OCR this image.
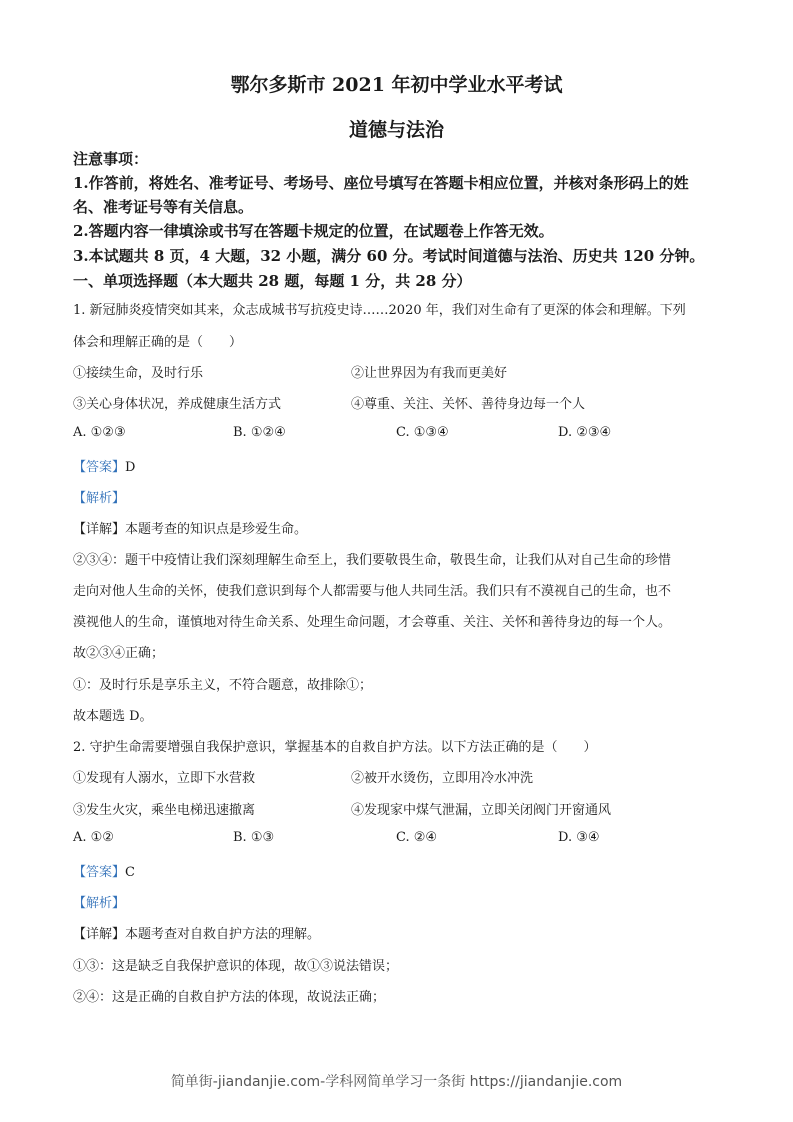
鄂尔多斯市 2021 年初中学业水平考试
道德与法治
注意事项：
1.作答前，将姓名、准考证号、考场号、座位号填写在答题卡相应位置，并核对条形码上的姓
名、准考证号等有关信息。
2.答题内容一律填涂或书写在答题卡规定的位置，在试题卷上作答无效。
3.本试题共 8 页，4 大题，32 小题，满分 60 分。考试时间道德与法治、历史共 120 分钟。
一、单项选择题（本大题共 28 题，每题 1 分，共 28 分）
1. 新冠肺炎疫情突如其来，众志成城书写抗疫史诗……2020 年，我们对生命有了更深的体会和理解。下列
体会和理解正确的是（　　）
①接续生命，及时行乐	②让世界因为有我而更美好
③关心身体状况，养成健康生活方式	④尊重、关注、关怀、善待身边每一个人
A. ①②③	B. ①②④	C. ①③④	D. ②③④
【答案】D
【解析】
【详解】本题考查的知识点是珍爱生命。
②③④：题干中疫情让我们深刻理解生命至上，我们要敬畏生命，敬畏生命，让我们从对自己生命的珍惜
走向对他人生命的关怀，使我们意识到每个人都需要与他人共同生活。我们只有不漠视自己的生命，也不
漠视他人的生命，谨慎地对待生命关系、处理生命问题，才会尊重、关注、关怀和善待身边的每一个人。
故②③④正确；
①：及时行乐是享乐主义，不符合题意，故排除①；
故本题选 D。
2. 守护生命需要增强自我保护意识，掌握基本的自救自护方法。以下方法正确的是（　　）
①发现有人溺水，立即下水营救	②被开水烫伤，立即用冷水冲洗
③发生火灾，乘坐电梯迅速撤离	④发现家中煤气泄漏，立即关闭阀门开窗通风
A. ①②	B. ①③	C. ②④	D. ③④
【答案】C
【解析】
【详解】本题考查对自救自护方法的理解。
①③：这是缺乏自我保护意识的体现，故①③说法错误；
②④：这是正确的自救自护方法的体现，故说法正确；
简单街-jiandanjie.com-学科网简单学习一条街 https://jiandanjie.com
